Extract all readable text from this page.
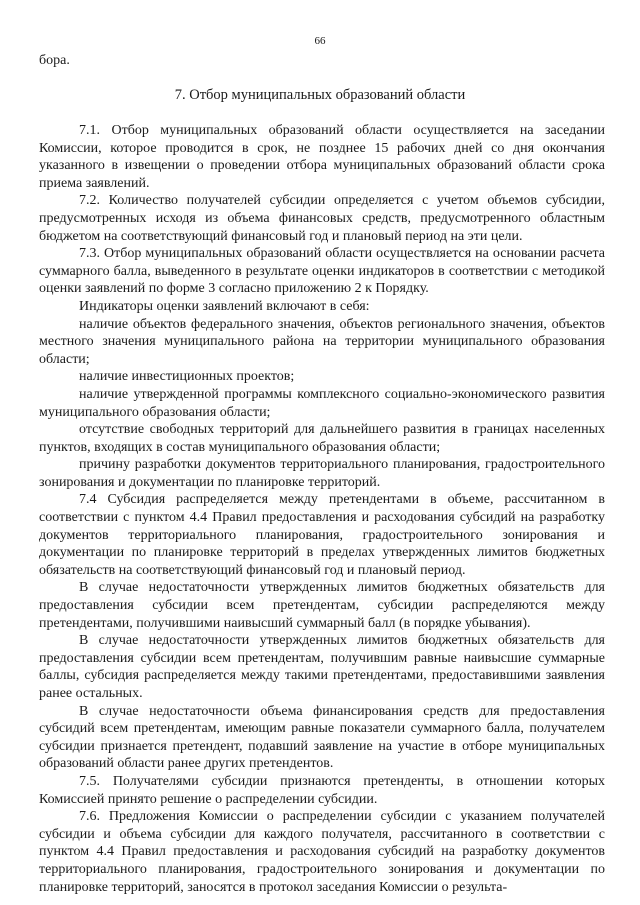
66
бора.
7. Отбор муниципальных образований области

7.1. Отбор муниципальных образований области осуществляется на заседании Комиссии, которое проводится в срок, не позднее 15 рабочих дней со дня окончания указанного в извещении о проведении отбора муниципальных образований области срока приема заявлений.

7.2. Количество получателей субсидии определяется с учетом объемов субсидии, предусмотренных исходя из объема финансовых средств, предусмотренного областным бюджетом на соответствующий финансовый год и плановый период на эти цели.

7.3. Отбор муниципальных образований области осуществляется на основании расчета суммарного балла, выведенного в результате оценки индикаторов в соответствии с методикой оценки заявлений по форме 3 согласно приложению 2 к Порядку.

Индикаторы оценки заявлений включают в себя:

наличие объектов федерального значения, объектов регионального значения, объектов местного значения муниципального района на территории муниципального образования области;

наличие инвестиционных проектов;

наличие утвержденной программы комплексного социально-экономического развития муниципального образования области;

отсутствие свободных территорий для дальнейшего развития в границах населенных пунктов, входящих в состав муниципального образования области;

причину разработки документов территориального планирования, градостроительного зонирования и документации по планировке территорий.

7.4 Субсидия распределяется между претендентами в объеме, рассчитанном в соответствии с пунктом 4.4 Правил предоставления и расходования субсидий на разработку документов территориального планирования, градостроительного зонирования и документации по планировке территорий в пределах утвержденных лимитов бюджетных обязательств на соответствующий финансовый год и плановый период.

В случае недостаточности утвержденных лимитов бюджетных обязательств для предоставления субсидии всем претендентам, субсидии распределяются между претендентами, получившими наивысший суммарный балл (в порядке убывания).

В случае недостаточности утвержденных лимитов бюджетных обязательств для предоставления субсидии всем претендентам, получившим равные наивысшие суммарные баллы, субсидия распределяется между такими претендентами, предоставившими заявления ранее остальных.

В случае недостаточности объема финансирования средств для предоставления субсидий всем претендентам, имеющим равные показатели суммарного балла, получателем субсидии признается претендент, подавший заявление на участие в отборе муниципальных образований области ранее других претендентов.

7.5. Получателями субсидии признаются претенденты, в отношении которых Комиссией принято решение о распределении субсидии.

7.6. Предложения Комиссии о распределении субсидии с указанием получателей субсидии и объема субсидии для каждого получателя, рассчитанного в соответствии с пунктом 4.4 Правил предоставления и расходования субсидий на разработку документов территориального планирования, градостроительного зонирования и документации по планировке территорий, заносятся в протокол заседания Комиссии о результа-
